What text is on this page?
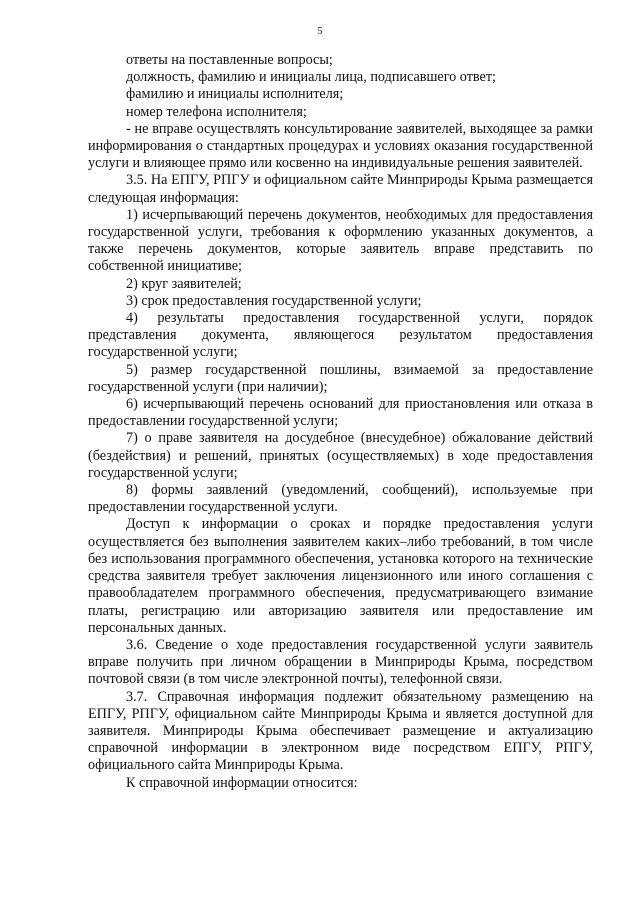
5

ответы на поставленные вопросы;

должность, фамилию и инициалы лица, подписавшего ответ;

фамилию и инициалы исполнителя;

номер телефона исполнителя;

- не вправе осуществлять консультирование заявителей, выходящее за рамки информирования о стандартных процедурах и условиях оказания государственной услуги и влияющее прямо или косвенно на индивидуальные решения заявителей.

3.5. На ЕПГУ, РПГУ и официальном сайте Минприроды Крыма размещается следующая информация:

1) исчерпывающий перечень документов, необходимых для предоставления государственной услуги, требования к оформлению указанных документов, а также перечень документов, которые заявитель вправе представить по собственной инициативе;

2) круг заявителей;

3) срок предоставления государственной услуги;

4) результаты предоставления государственной услуги, порядок представления документа, являющегося результатом предоставления государственной услуги;

5) размер государственной пошлины, взимаемой за предоставление государственной услуги (при наличии);

6) исчерпывающий перечень оснований для приостановления или отказа в предоставлении государственной услуги;

7) о праве заявителя на досудебное (внесудебное) обжалование действий (бездействия) и решений, принятых (осуществляемых) в ходе предоставления государственной услуги;

8) формы заявлений (уведомлений, сообщений), используемые при предоставлении государственной услуги.

Доступ к информации о сроках и порядке предоставления услуги осуществляется без выполнения заявителем каких–либо требований, в том числе без использования программного обеспечения, установка которого на технические средства заявителя требует заключения лицензионного или иного соглашения с правообладателем программного обеспечения, предусматривающего взимание платы, регистрацию или авторизацию заявителя или предоставление им персональных данных.

3.6. Сведение о ходе предоставления государственной услуги заявитель вправе получить при личном обращении в Минприроды Крыма, посредством почтовой связи (в том числе электронной почты), телефонной связи.

3.7. Справочная информация подлежит обязательному размещению на ЕПГУ, РПГУ, официальном сайте Минприроды Крыма и является доступной для заявителя. Минприроды Крыма обеспечивает размещение и актуализацию справочной информации в электронном виде посредством ЕПГУ, РПГУ, официального сайта Минприроды Крыма.

К справочной информации относится:
